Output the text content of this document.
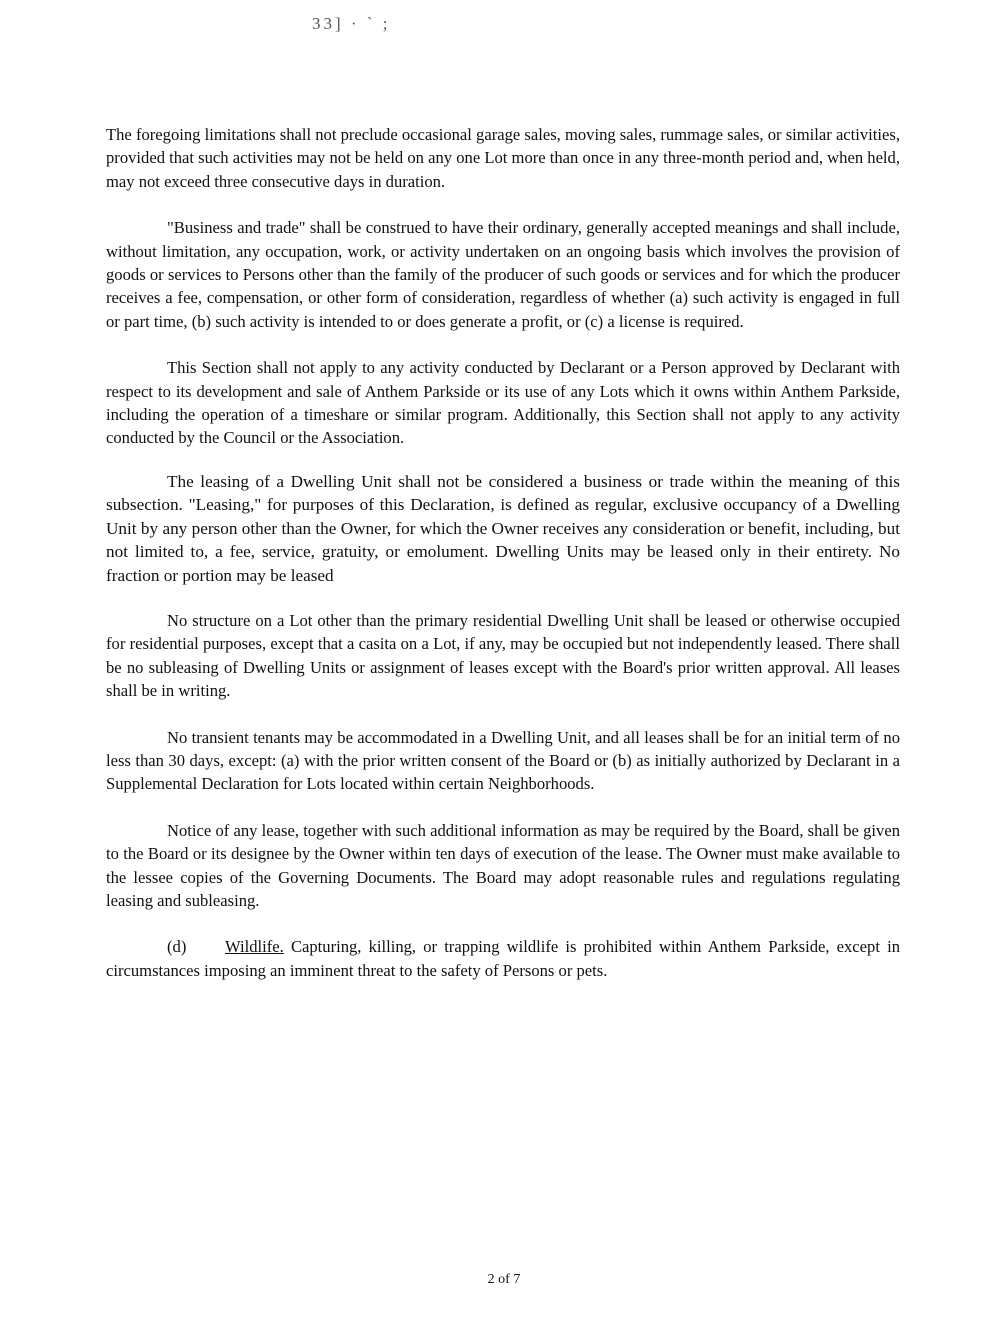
33] · ` ;

The foregoing limitations shall not preclude occasional garage sales, moving sales, rummage sales, or similar activities, provided that such activities may not be held on any one Lot more than once in any three-month period and, when held, may not exceed three consecutive days in duration.

"Business and trade" shall be construed to have their ordinary, generally accepted meanings and shall include, without limitation, any occupation, work, or activity undertaken on an ongoing basis which involves the provision of goods or services to Persons other than the family of the producer of such goods or services and for which the producer receives a fee, compensation, or other form of consideration, regardless of whether (a) such activity is engaged in full or part time, (b) such activity is intended to or does generate a profit, or (c) a license is required.

This Section shall not apply to any activity conducted by Declarant or a Person approved by Declarant with respect to its development and sale of Anthem Parkside or its use of any Lots which it owns within Anthem Parkside, including the operation of a timeshare or similar program. Additionally, this Section shall not apply to any activity conducted by the Council or the Association.

The leasing of a Dwelling Unit shall not be considered a business or trade within the meaning of this subsection. "Leasing," for purposes of this Declaration, is defined as regular, exclusive occupancy of a Dwelling Unit by any person other than the Owner, for which the Owner receives any consideration or benefit, including, but not limited to, a fee, service, gratuity, or emolument. Dwelling Units may be leased only in their entirety. No fraction or portion may be leased

No structure on a Lot other than the primary residential Dwelling Unit shall be leased or otherwise occupied for residential purposes, except that a casita on a Lot, if any, may be occupied but not independently leased. There shall be no subleasing of Dwelling Units or assignment of leases except with the Board's prior written approval. All leases shall be in writing.

No transient tenants may be accommodated in a Dwelling Unit, and all leases shall be for an initial term of no less than 30 days, except: (a) with the prior written consent of the Board or (b) as initially authorized by Declarant in a Supplemental Declaration for Lots located within certain Neighborhoods.

Notice of any lease, together with such additional information as may be required by the Board, shall be given to the Board or its designee by the Owner within ten days of execution of the lease. The Owner must make available to the lessee copies of the Governing Documents. The Board may adopt reasonable rules and regulations regulating leasing and subleasing.

(d) Wildlife. Capturing, killing, or trapping wildlife is prohibited within Anthem Parkside, except in circumstances imposing an imminent threat to the safety of Persons or pets.

2 of 7
